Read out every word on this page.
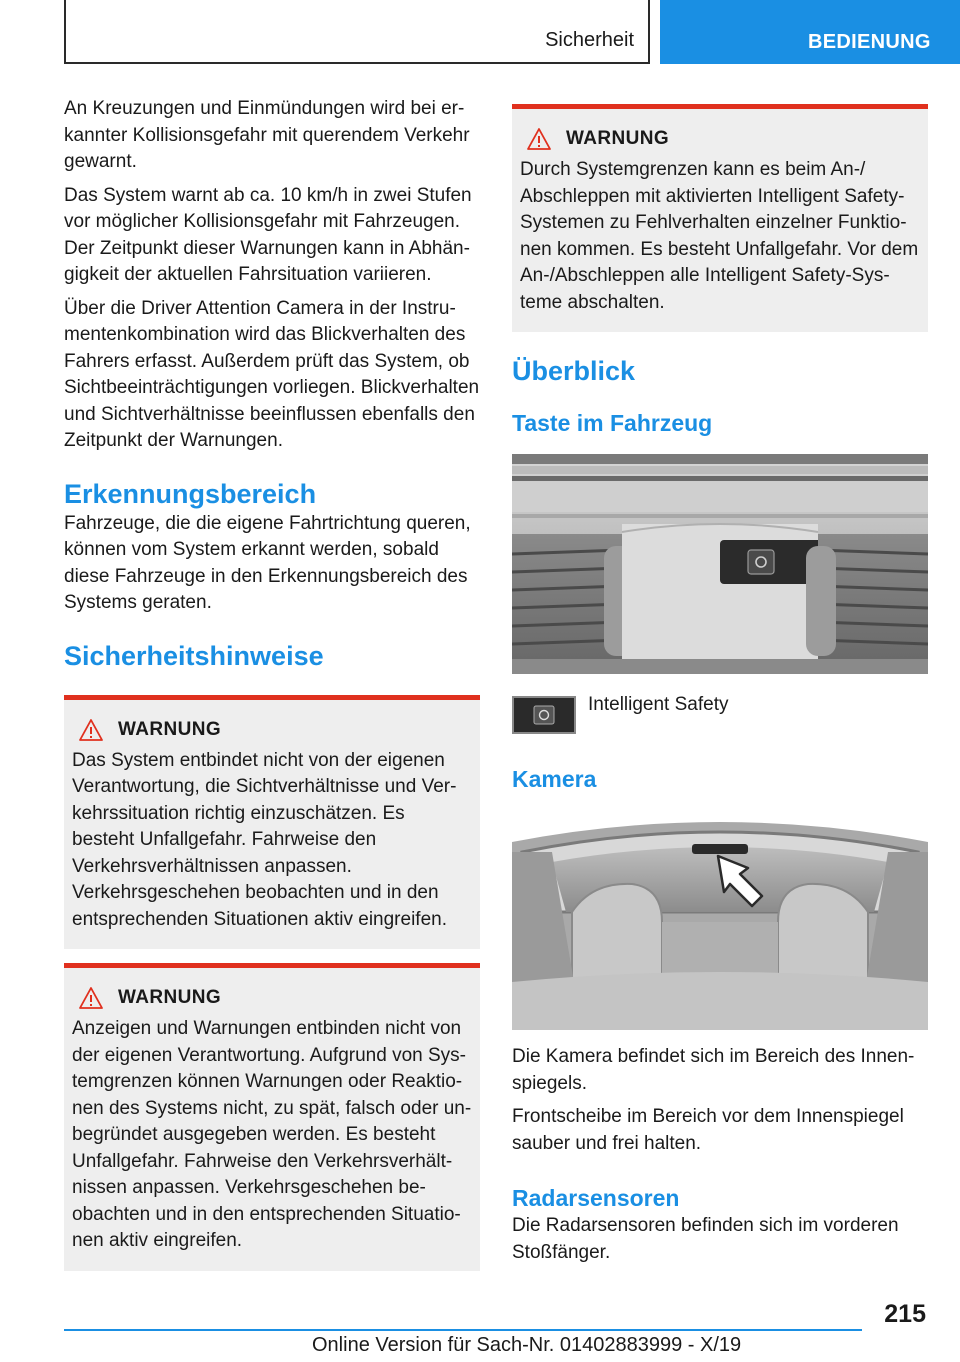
Sicherheit	BEDIENUNG

An Kreuzungen und Einmündungen wird bei erkannter Kollisionsgefahr mit querendem Verkehr gewarnt.

Das System warnt ab ca. 10 km/h in zwei Stufen vor möglicher Kollisionsgefahr mit Fahrzeugen. Der Zeitpunkt dieser Warnungen kann in Abhängigkeit der aktuellen Fahrsituation variieren.

Über die Driver Attention Camera in der Instrumentenkombination wird das Blickverhalten des Fahrers erfasst. Außerdem prüft das System, ob Sichtbeeinträchtigungen vorliegen. Blickverhalten und Sichtverhältnisse beeinflussen ebenfalls den Zeitpunkt der Warnungen.

Erkennungsbereich

Fahrzeuge, die die eigene Fahrtrichtung queren, können vom System erkannt werden, sobald diese Fahrzeuge in den Erkennungsbereich des Systems geraten.

Sicherheitshinweise
WARNUNG

Das System entbindet nicht von der eigenen Verantwortung, die Sichtverhältnisse und Verkehrssituation richtig einzuschätzen. Es besteht Unfallgefahr. Fahrweise den Verkehrsverhältnissen anpassen. Verkehrsgeschehen beobachten und in den entsprechenden Situationen aktiv eingreifen.

WARNUNG

Anzeigen und Warnungen entbinden nicht von der eigenen Verantwortung. Aufgrund von Systemgrenzen können Warnungen oder Reaktionen des Systems nicht, zu spät, falsch oder unbegründet ausgegeben werden. Es besteht Unfallgefahr. Fahrweise den Verkehrsverhältnissen anpassen. Verkehrsgeschehen beobachten und in den entsprechenden Situationen aktiv eingreifen.

WARNUNG

Durch Systemgrenzen kann es beim An-/ Abschleppen mit aktivierten Intelligent Safety-Systemen zu Fehlverhalten einzelner Funktionen kommen. Es besteht Unfallgefahr. Vor dem An-/Abschleppen alle Intelligent Safety-Systeme abschalten.

Überblick
Taste im Fahrzeug
Intelligent Safety
Kamera

Die Kamera befindet sich im Bereich des Innenspiegels.

Frontscheibe im Bereich vor dem Innenspiegel sauber und frei halten.

Radarsensoren

Die Radarsensoren befinden sich im vorderen Stoßfänger.

215
Online Version für Sach-Nr. 01402883999 - X/19
